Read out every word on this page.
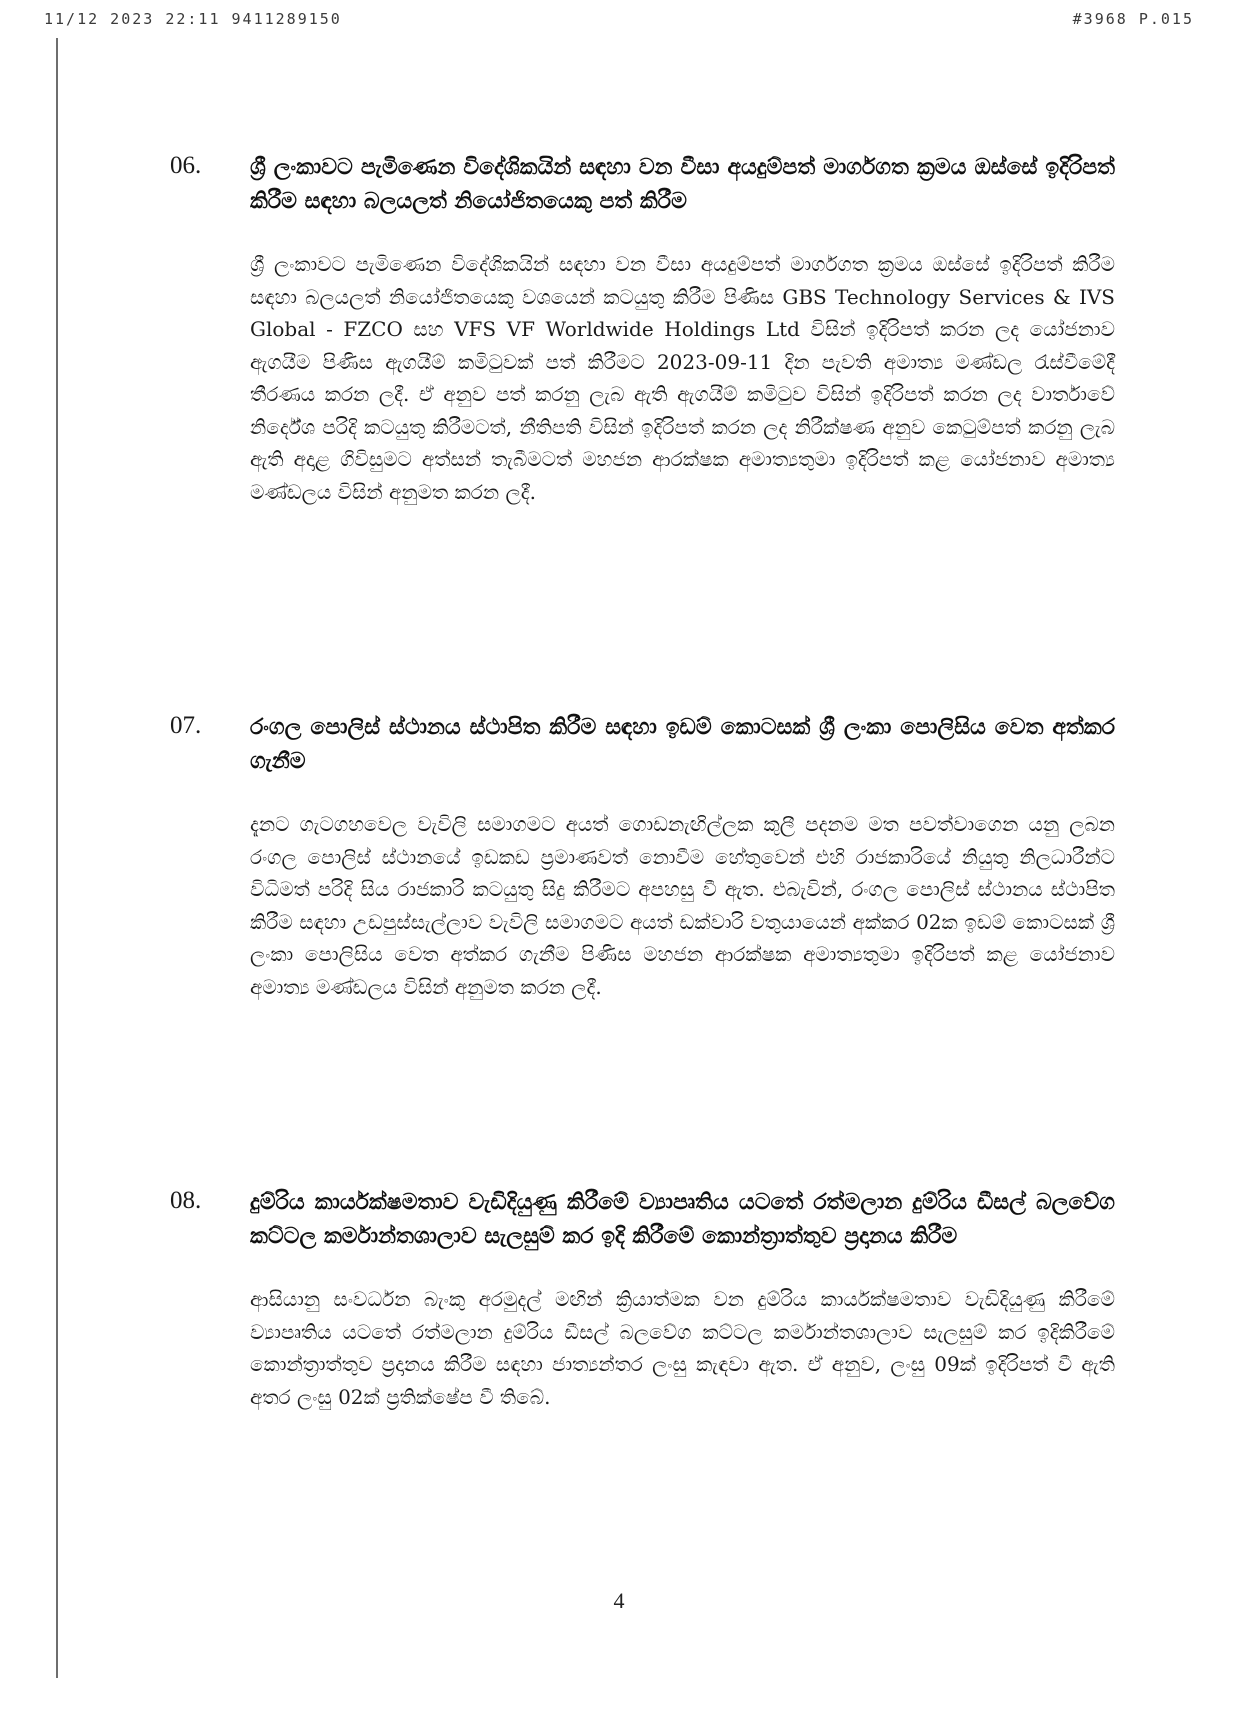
11/12 2023 22:11 9411289150	#3968 P.015
06. ශ්‍රී ලංකාවට පැමිණෙන විදේශිකයින් සඳහා වන වීසා අයදුම්පත් මාර්ගගත ක්‍රමය ඔස්සේ ඉදිරිපත් කිරීම සඳහා බලයලත් නියෝජිතයෙකු පත් කිරීම
ශ්‍රී ලංකාවට පැමිණෙන විදේශිකයින් සඳහා වන වීසා අයදුම්පත් මාර්ගගත ක්‍රමය ඔස්සේ ඉදිරිපත් කිරීම සඳහා බලයලත් නියෝජිතයෙකු වශයෙන් කටයුතු කිරීම පිණිස GBS Technology Services & IVS Global - FZCO සහ VFS VF Worldwide Holdings Ltd විසින් ඉදිරිපත් කරන ලද යෝජනාව ඇගයීම පිණිස ඇගයීම් කමිටුවක් පත් කිරීමට 2023-09-11 දින පැවති අමාත්‍ය මණ්ඩල රැස්වීමේදී තීරණය කරන ලදී. ඒ අනුව පත් කරනු ලැබ ඇති ඇගයීම් කමිටුව විසින් ඉදිරිපත් කරන ලද වාර්තාවේ නිර්දේශ පරිදි කටයුතු කිරීමටත්, නීතිපති විසින් ඉදිරිපත් කරන ලද නිරීක්ෂණ අනුව කෙටුම්පත් කරනු ලැබ ඇති අදාළ ගිවිසුමට අත්සන් තැබීමටත් මහජන ආරක්ෂක අමාත්‍යතුමා ඉදිරිපත් කළ යෝජනාව අමාත්‍ය මණ්ඩලය විසින් අනුමත කරන ලදී.
07. රංගල පොලිස් ස්ථානය ස්ථාපිත කිරීම සඳහා ඉඩම් කොටසක් ශ්‍රී ලංකා පොලිසිය වෙත අත්කර ගැනීම
දැනට ගැටගහවෙල වැවිලි සමාගමට අයත් ගොඩනැඟිල්ලක කුලී පදනම මත පවත්වාගෙන යනු ලබන රංගල පොලිස් ස්ථානයේ ඉඩකඩ ප්‍රමාණවත් නොවීම හේතුවෙන් එහි රාජකාරියේ නියුතු නිලධාරීන්ට විධිමත් පරිදි සිය රාජකාරි කටයුතු සිදු කිරීමට අපහසු වී ඇත. එබැවින්, රංගල පොලිස් ස්ථානය ස්ථාපිත කිරීම සඳහා උඩපුස්සැල්ලාව වැවිලි සමාගමට අයත් ඩක්වාරි වතුයායෙන් අක්කර 02ක ඉඩම් කොටසක් ශ්‍රී ලංකා පොලිසිය වෙත අත්කර ගැනීම පිණිස මහජන ආරක්ෂක අමාත්‍යතුමා ඉදිරිපත් කළ යෝජනාව අමාත්‍ය මණ්ඩලය විසින් අනුමත කරන ලදී.
08. දුම්රිය කාර්යක්ෂමතාව වැඩිදියුණු කිරීමේ ව්‍යාපෘතිය යටතේ රත්මලාන දුම්රිය ඩීසල් බලවේග කට්ටල කර්මාන්තශාලාව සැලසුම් කර ඉදි කිරීමේ කොන්ත්‍රාත්තුව ප්‍රදානය කිරීම
ආසියානු සංවර්ධන බැංකු අරමුදල් මඟින් ක්‍රියාත්මක වන දුම්රිය කාර්යක්ෂමතාව වැඩිදියුණු කිරීමේ ව්‍යාපෘතිය යටතේ රත්මලාන දුම්රිය ඩීසල් බලවේග කට්ටල කර්මාන්තශාලාව සැලසුම් කර ඉදිකිරීමේ කොන්ත්‍රාත්තුව ප්‍රදානය කිරීම සඳහා ජාත්‍යන්තර ලංසු කැඳවා ඇත. ඒ අනුව, ලංසු 09ක් ඉදිරිපත් වී ඇති අතර ලංසු 02ක් ප්‍රතික්ෂේප වී තිබේ.
4
